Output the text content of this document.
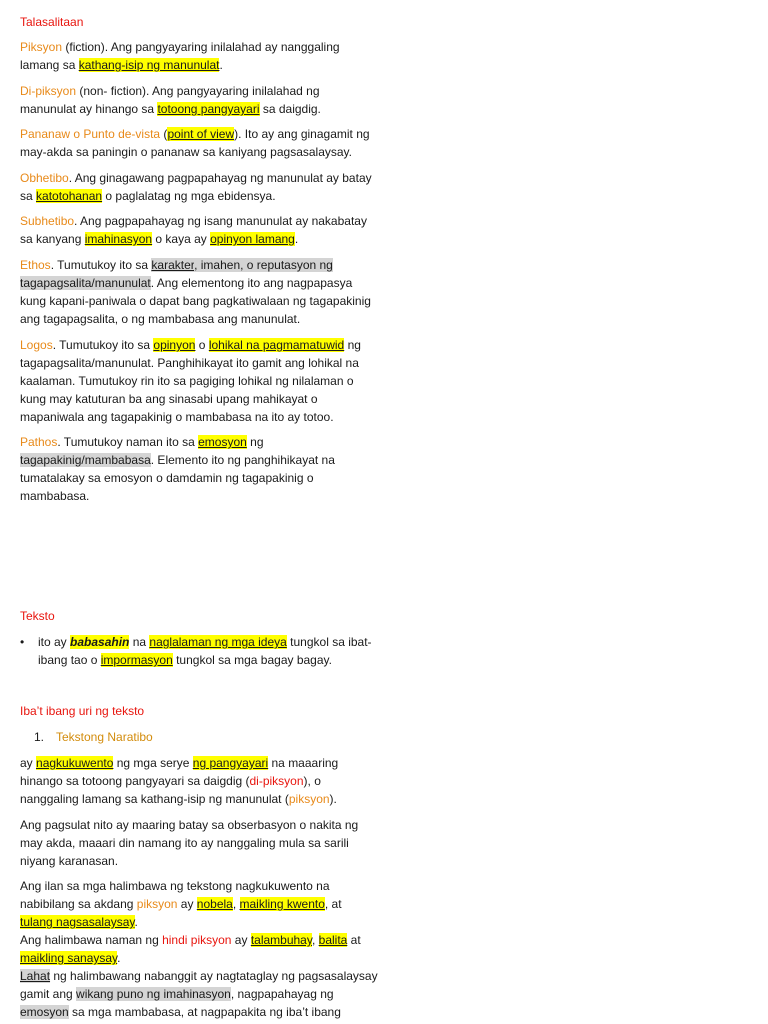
Talasalitaan
Piksyon (fiction). Ang pangyayaring inilalahad ay nanggaling
lamang sa kathang-isip ng manunulat.
Di-piksyon (non- fiction). Ang pangyayaring inilalahad ng
manunulat ay hinango sa totoong pangyayari sa daigdig.
Pananaw o Punto de-vista (point of view). Ito ay ang ginagamit ng
may-akda sa paningin o pananaw sa kaniyang pagsasalaysay.
Obhetibo. Ang ginagawang pagpapahayag ng manunulat ay batay
sa katotohanan o paglalatag ng mga ebidensya.
Subhetibo. Ang pagpapahayag ng isang manunulat ay nakabatay
sa kanyang imahinasyon o kaya ay opinyon lamang.
Ethos. Tumutukoy ito sa karakter, imahen, o reputasyon ng
tagapagsalita/manunulat. Ang elementong ito ang nagpapasya
kung kapani-paniwala o dapat bang pagkatiwalaan ng tagapakinig
ang tagapagsalita, o ng mambabasa ang manunulat.
Logos. Tumutukoy ito sa opinyon o lohikal na pagmamatuwid ng
tagapagsalita/manunulat. Panghihikayat ito gamit ang lohikal na
kaalaman. Tumutukoy rin ito sa pagiging lohikal ng nilalaman o
kung may katuturan ba ang sinasabi upang mahikayat o
mapaniwala ang tagapakinig o mambabasa na ito ay totoo.
Pathos. Tumutukoy naman ito sa emosyon ng
tagapakinig/mambabasa. Elemento ito ng panghihikayat na
tumatalakay sa emosyon o damdamin ng tagapakinig o
mambabasa.
Teksto
•	ito ay babasahin na naglalaman ng mga ideya tungkol sa ibat-
ibang tao o impormasyon tungkol sa mga bagay bagay.
Iba’t ibang uri ng teksto
1. Tekstong Naratibo
ay nagkukuwento ng mga serye ng pangyayari na maaaring
hinango sa totoong pangyayari sa daigdig (di-piksyon), o
nanggaling lamang sa kathang-isip ng manunulat (piksyon).
Ang pagsulat nito ay maaring batay sa obserbasyon o nakita ng
may akda, maaari din namang ito ay nanggaling mula sa sarili
niyang karanasan.
Ang ilan sa mga halimbawa ng tekstong nagkukuwento na
nabibilang sa akdang piksyon ay nobela, maikling kwento, at
tulang nagsasalaysay.
Ang halimbawa naman ng hindi piksyon ay talambuhay, balita at
maikling sanaysay.
Lahat ng halimbawang nabanggit ay nagtataglay ng pagsasalaysay
gamit ang wikang puno ng imahinasyon, nagpapahayag ng
emosyon sa mga mambabasa, at nagpapakita ng iba’t ibang
